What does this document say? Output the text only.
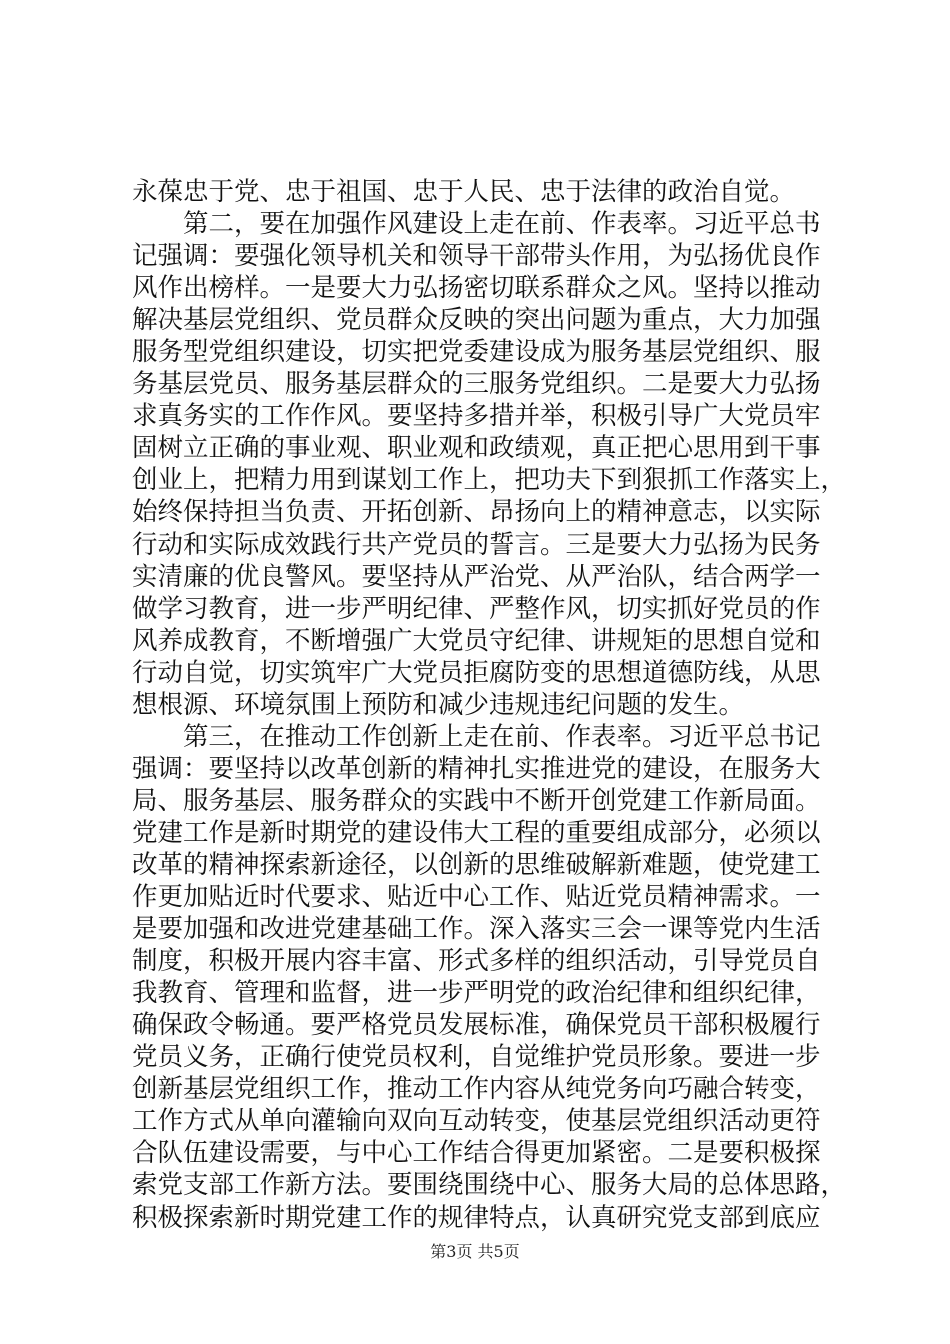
永葆忠于党、忠于祖国、忠于人民、忠于法律的政治自觉。
　　第二，要在加强作风建设上走在前、作表率。习近平总书
记强调：要强化领导机关和领导干部带头作用，为弘扬优良作
风作出榜样。一是要大力弘扬密切联系群众之风。坚持以推动
解决基层党组织、党员群众反映的突出问题为重点，大力加强
服务型党组织建设，切实把党委建设成为服务基层党组织、服
务基层党员、服务基层群众的三服务党组织。二是要大力弘扬
求真务实的工作作风。要坚持多措并举，积极引导广大党员牢
固树立正确的事业观、职业观和政绩观，真正把心思用到干事
创业上，把精力用到谋划工作上，把功夫下到狠抓工作落实上，
始终保持担当负责、开拓创新、昂扬向上的精神意志，以实际
行动和实际成效践行共产党员的誓言。三是要大力弘扬为民务
实清廉的优良警风。要坚持从严治党、从严治队，结合两学一
做学习教育，进一步严明纪律、严整作风，切实抓好党员的作
风养成教育，不断增强广大党员守纪律、讲规矩的思想自觉和
行动自觉，切实筑牢广大党员拒腐防变的思想道德防线，从思
想根源、环境氛围上预防和减少违规违纪问题的发生。
　　第三，在推动工作创新上走在前、作表率。习近平总书记
强调：要坚持以改革创新的精神扎实推进党的建设，在服务大
局、服务基层、服务群众的实践中不断开创党建工作新局面。
党建工作是新时期党的建设伟大工程的重要组成部分，必须以
改革的精神探索新途径，以创新的思维破解新难题，使党建工
作更加贴近时代要求、贴近中心工作、贴近党员精神需求。一
是要加强和改进党建基础工作。深入落实三会一课等党内生活
制度，积极开展内容丰富、形式多样的组织活动，引导党员自
我教育、管理和监督，进一步严明党的政治纪律和组织纪律，
确保政令畅通。要严格党员发展标准，确保党员干部积极履行
党员义务，正确行使党员权利，自觉维护党员形象。要进一步
创新基层党组织工作，推动工作内容从纯党务向巧融合转变，
工作方式从单向灌输向双向互动转变，使基层党组织活动更符
合队伍建设需要，与中心工作结合得更加紧密。二是要积极探
索党支部工作新方法。要围绕围绕中心、服务大局的总体思路，
积极探索新时期党建工作的规律特点，认真研究党支部到底应
第3页 共5页
